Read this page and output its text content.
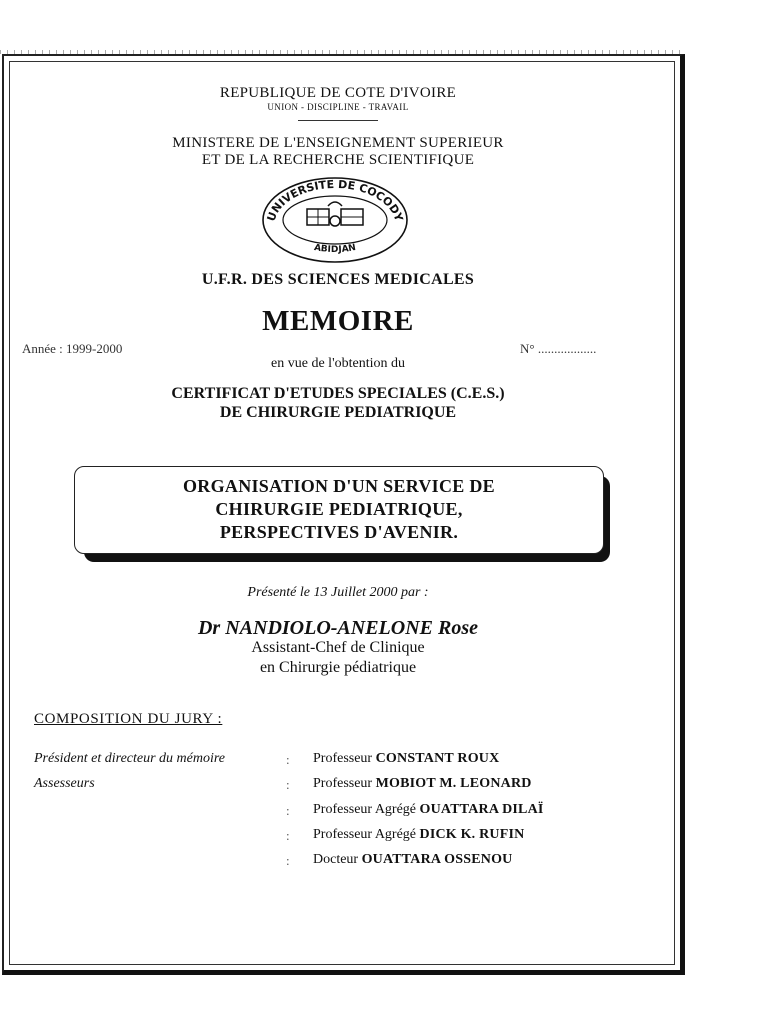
REPUBLIQUE DE COTE D'IVOIRE
UNION - DISCIPLINE - TRAVAIL
MINISTERE DE L'ENSEIGNEMENT SUPERIEUR
ET DE LA RECHERCHE SCIENTIFIQUE
UNIVERSITE DE COCODY
ABIDJAN
U.F.R. DES SCIENCES MEDICALES
MEMOIRE
Année : 1999-2000	N° ..................
en vue de l'obtention du
CERTIFICAT D'ETUDES SPECIALES (C.E.S.)
DE CHIRURGIE PEDIATRIQUE
ORGANISATION D'UN SERVICE DE
CHIRURGIE PEDIATRIQUE,
PERSPECTIVES D'AVENIR.
Présenté le 13 Juillet 2000 par :
Dr NANDIOLO-ANELONE Rose
Assistant-Chef de Clinique
en Chirurgie pédiatrique
COMPOSITION DU JURY :
Président et directeur du mémoire
Assesseurs
:
:
:
:
:
Professeur CONSTANT ROUX
Professeur MOBIOT M. LEONARD
Professeur Agrégé OUATTARA DILAÏ
Professeur Agrégé DICK K. RUFIN
Docteur OUATTARA OSSENOU
